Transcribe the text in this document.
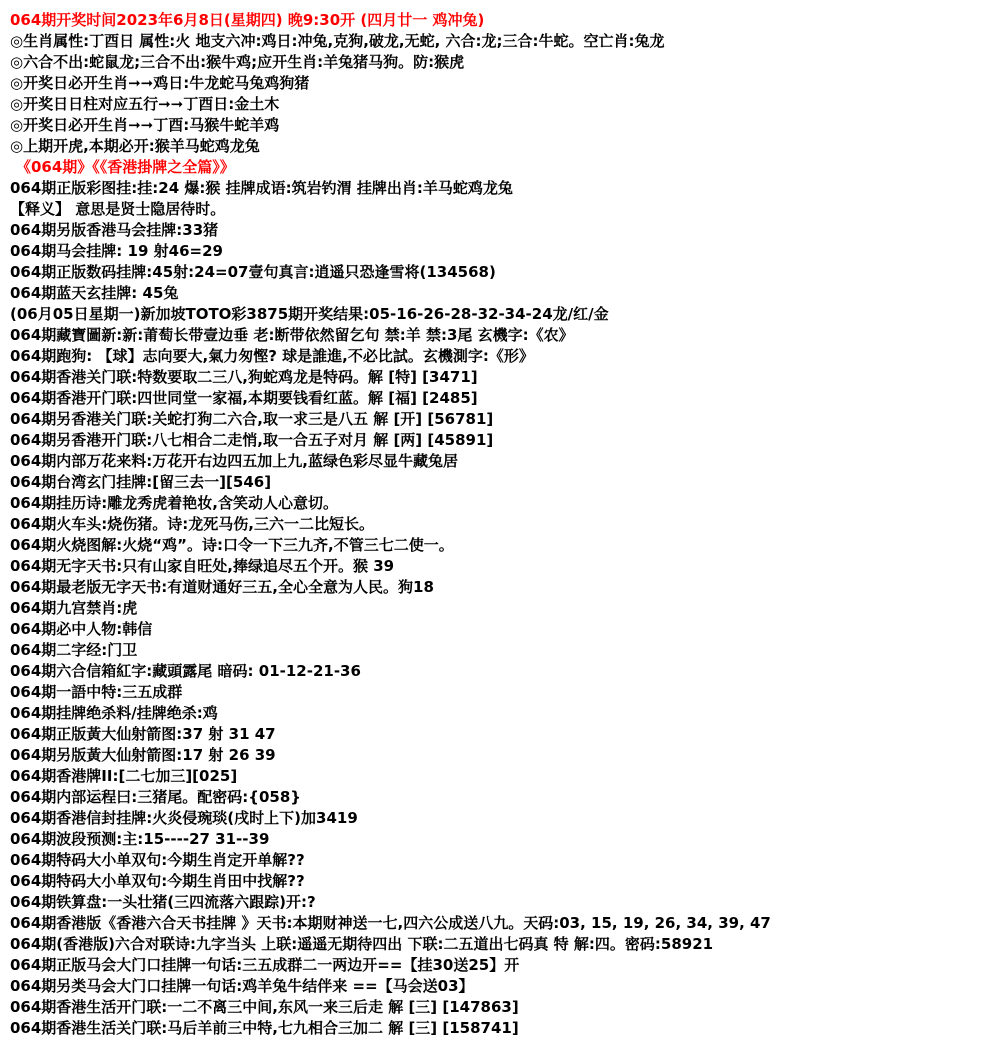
064期开奖时间2023年6月8日(星期四) 晚9:30开 (四月廿一 鸡冲兔)
◎生肖属性:丁酉日 属性:火 地支六冲:鸡日:冲兔,克狗,破龙,无蛇, 六合:龙;三合:牛蛇。空亡肖:兔龙
◎六合不出:蛇鼠龙;三合不出:猴牛鸡;应开生肖:羊兔猪马狗。防:猴虎
◎开奖日必开生肖➞➞鸡日:牛龙蛇马兔鸡狗猪
◎开奖日日柱对应五行➞➞丁酉日:金土木
◎开奖日必开生肖➞➞丁酉:马猴牛蛇羊鸡
◎上期开虎,本期必开:猴羊马蛇鸡龙兔
《064期》《《香港掛牌之全篇》》
064期正版彩图挂:挂:24 爆:猴 挂牌成语:筑岩钓渭 挂牌出肖:羊马蛇鸡龙兔
【释义】 意思是贤士隐居待时。
064期另版香港马会挂牌:33猪
064期马会挂牌: 19 射46=29
064期正版数码挂牌:45射:24=07壹句真言:逍遥只恐逢雪将(134568)
064期蓝天玄挂牌: 45兔
(06月05日星期一)新加坡TOTO彩3875期开奖结果:05-16-26-28-32-34-24龙/红/金
064期藏寶圖新:新:莆萄长带壹边垂 老:断带依然留乞句 禁:羊 禁:3尾 玄機字:《农》
064期跑狗: 【球】志向要大,氣力匆慳? 球是誰進,不必比試。玄機測字:《形》
064期香港关门联:特数要取二三八,狗蛇鸡龙是特码。解 [特] [3471]
064期香港开门联:四世同堂一家福,本期要钱看红蓝。解 [福] [2485]
064期另香港关门联:关蛇打狗二六合,取一求三是八五 解 [开] [56781]
064期另香港开门联:八七相合二走悄,取一合五子对月 解 [两] [45891]
064期内部万花来料:万花开右边四五加上九,蓝绿色彩尽显牛藏兔居
064期台湾玄门挂牌:[留三去一][546]
064期挂历诗:雕龙秀虎着艳妆,含笑动人心意切。
064期火车头:烧伤猪。诗:龙死马伤,三六一二比短长。
064期火烧图解:火烧“鸡”。诗:口令一下三九齐,不管三七二使一。
064期无字天书:只有山家自旺处,捧绿追尽五个开。猴 39
064期最老版无字天书:有道财通好三五,全心全意为人民。狗18
064期九宫禁肖:虎
064期必中人物:韩信
064期二字经:门卫
064期六合信箱紅字:藏頭露尾 暗码: 01-12-21-36
064期一語中特:三五成群
064期挂牌绝杀料/挂牌绝杀:鸡
064期正版黃大仙射箭图:37 射 31 47
064期另版黃大仙射箭图:17 射 26 39
064期香港牌II:[二七加三][025]
064期内部运程曰:三猪尾。配密码:{058}
064期香港信封挂牌:火炎侵琬琰(戌时上下)加3419
064期波段预测:主:15----27 31--39
064期特码大小单双句:今期生肖定开单解??
064期特码大小单双句:今期生肖田中找解??
064期铁算盘:一头壮猪(三四流落六跟踪)开:?
064期香港版《香港六合天书挂牌 》天书:本期财神送一七,四六公成送八九。天码:03, 15, 19, 26, 34, 39, 47
064期(香港版)六合对联诗:九字当头 上联:遥遥无期待四出 下联:二五道出七码真 特 解:四。密码:58921
064期正版马会大门口挂牌一句话:三五成群二一两边开==【挂30送25】开
064期另类马会大门口挂牌一句话:鸡羊兔牛结伴来 ==【马会送03】
064期香港生活开门联:一二不离三中间,东风一来三后走 解 [三] [147863]
064期香港生活关门联:马后羊前三中特,七九相合三加二 解 [三] [158741]
